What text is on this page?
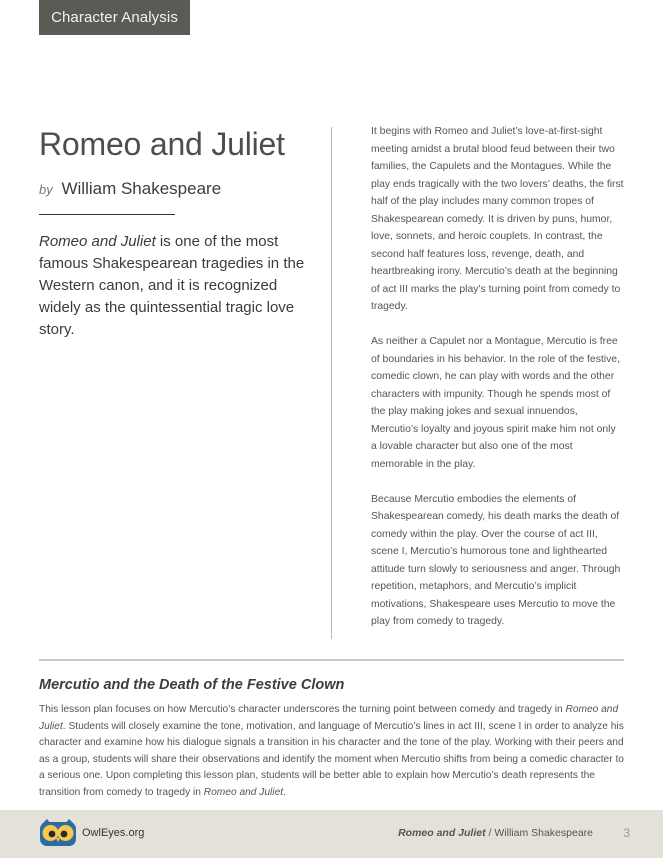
Character Analysis
Romeo and Juliet
by William Shakespeare

Romeo and Juliet is one of the most famous Shakespearean tragedies in the Western canon, and it is recognized widely as the quintessential tragic love story.

It begins with Romeo and Juliet’s love-at-first-sight meeting amidst a brutal blood feud between their two families, the Capulets and the Montagues. While the play ends tragically with the two lovers’ deaths, the first half of the play includes many common tropes of Shakespearean comedy. It is driven by puns, humor, love, sonnets, and heroic couplets. In contrast, the second half features loss, revenge, death, and heartbreaking irony. Mercutio’s death at the beginning of act III marks the play’s turning point from comedy to tragedy.

As neither a Capulet nor a Montague, Mercutio is free of boundaries in his behavior. In the role of the festive, comedic clown, he can play with words and the other characters with impunity. Though he spends most of the play making jokes and sexual innuendos, Mercutio’s loyalty and joyous spirit make him not only a lovable character but also one of the most memorable in the play.

Because Mercutio embodies the elements of Shakespearean comedy, his death marks the death of comedy within the play. Over the course of act III, scene I, Mercutio’s humorous tone and lighthearted attitude turn slowly to seriousness and anger. Through repetition, metaphors, and Mercutio’s implicit motivations, Shakespeare uses Mercutio to move the play from comedy to tragedy.

Mercutio and the Death of the Festive Clown

This lesson plan focuses on how Mercutio’s character underscores the turning point between comedy and tragedy in Romeo and Juliet. Students will closely examine the tone, motivation, and language of Mercutio’s lines in act III, scene I in order to analyze his character and examine how his dialogue signals a transition in his character and the tone of the play. Working with their peers and as a group, students will share their observations and identify the moment when Mercutio shifts from being a comedic character to a serious one. Upon completing this lesson plan, students will be better able to explain how Mercutio’s death represents the transition from comedy to tragedy in Romeo and Juliet.

OwlEyes.org	Romeo and Juliet / William Shakespeare	3
